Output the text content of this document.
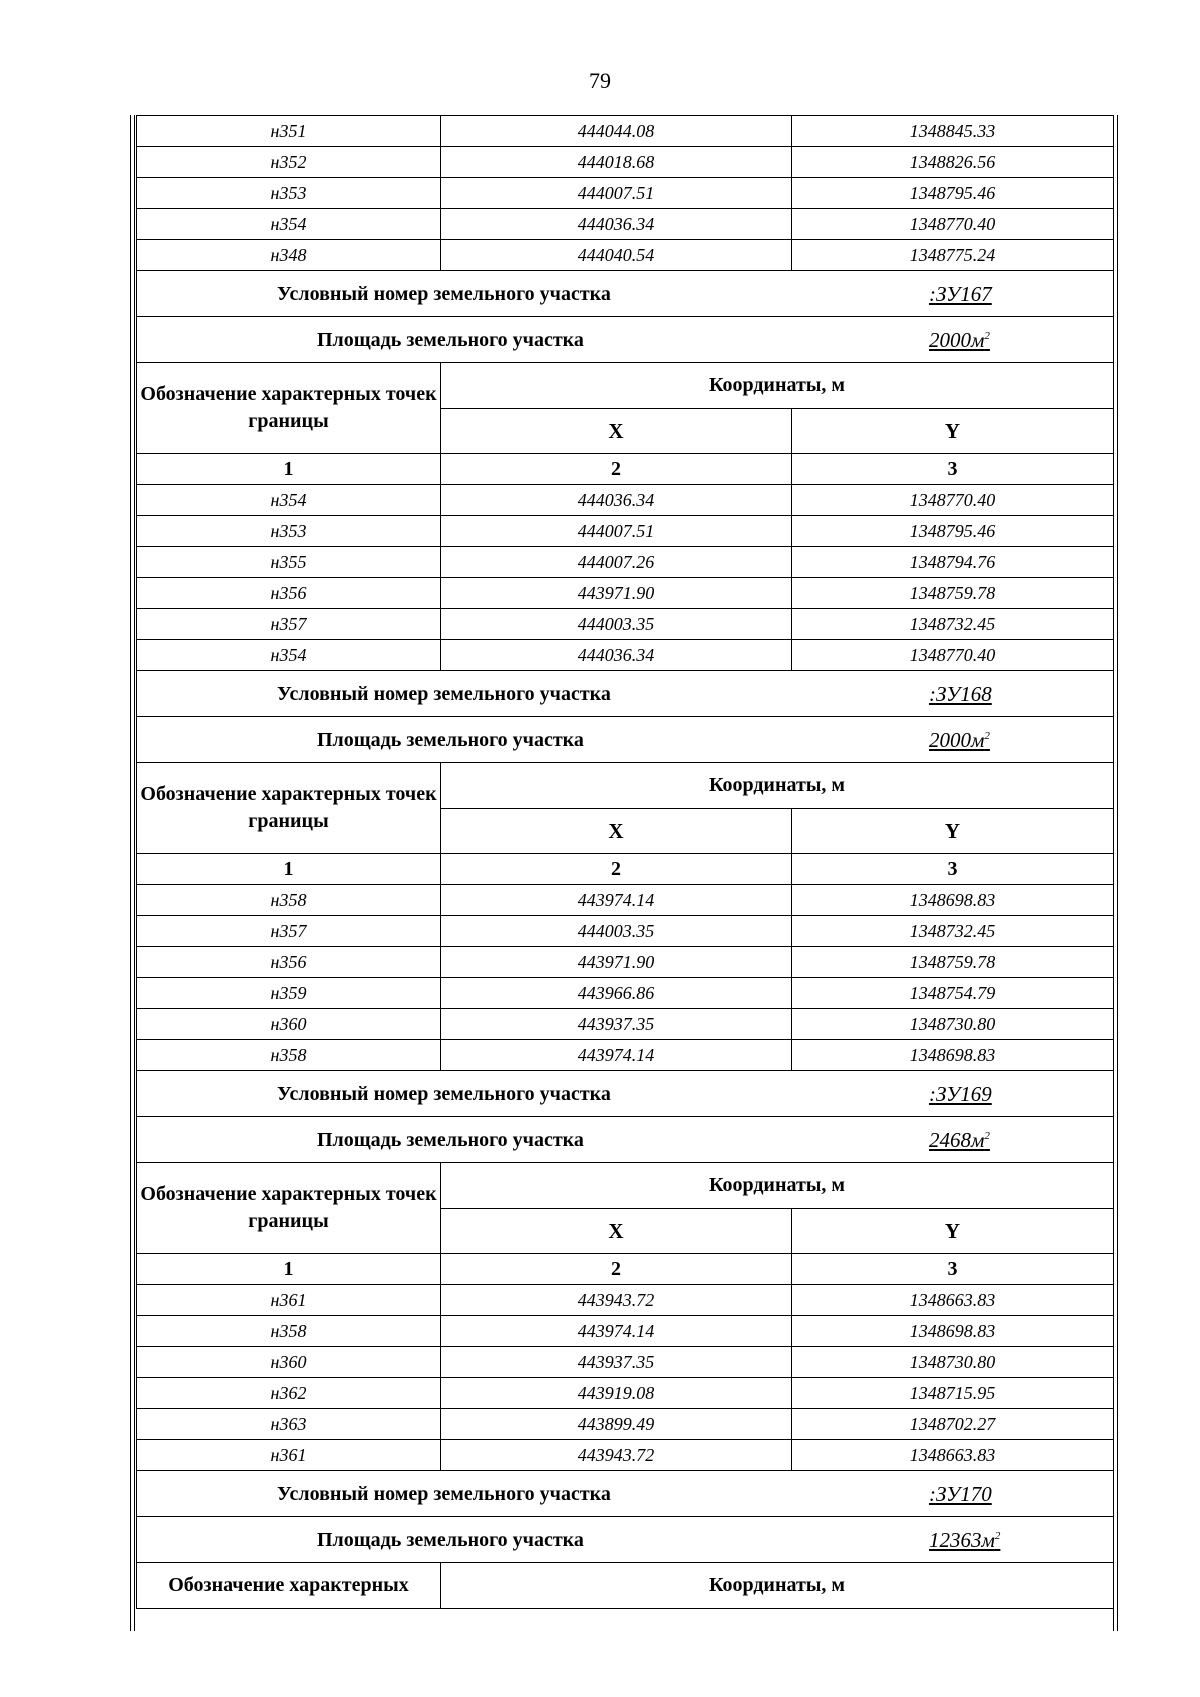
79
н351	444044.08	1348845.33
н352	444018.68	1348826.56
н353	444007.51	1348795.46
н354	444036.34	1348770.40
н348	444040.54	1348775.24

Условный номер земельного участка :ЗУ167		

Площадь земельного участка $2000м^2$

Обозначение характерных точек границы	Координаты, м	
	X	Y
1	2	3
н354	444036.34	1348770.40
н353	444007.51	1348795.46
н355	444007.26	1348794.76
н356	443971.90	1348759.78
н357	444003.35	1348732.45
н354	444036.34	1348770.40

Условный номер земельного участка :ЗУ168		

Площадь земельного участка $2000м^2$

Обозначение характерных точек границы	Координаты, м	
	X	Y
1	2	3
н358	443974.14	1348698.83
н357	444003.35	1348732.45
н356	443971.90	1348759.78
н359	443966.86	1348754.79
н360	443937.35	1348730.80
н358	443974.14	1348698.83

Условный номер земельного участка :ЗУ169		

Площадь земельного участка $2468м^2$

Обозначение характерных точек границы	Координаты, м	
	X	Y
1	2	3
н361	443943.72	1348663.83
н358	443974.14	1348698.83
н360	443937.35	1348730.80
н362	443919.08	1348715.95
н363	443899.49	1348702.27
н361	443943.72	1348663.83

Условный номер земельного участка :ЗУ170		

Площадь земельного участка $12363м^2$

Обозначение характерных	Координаты, м	
